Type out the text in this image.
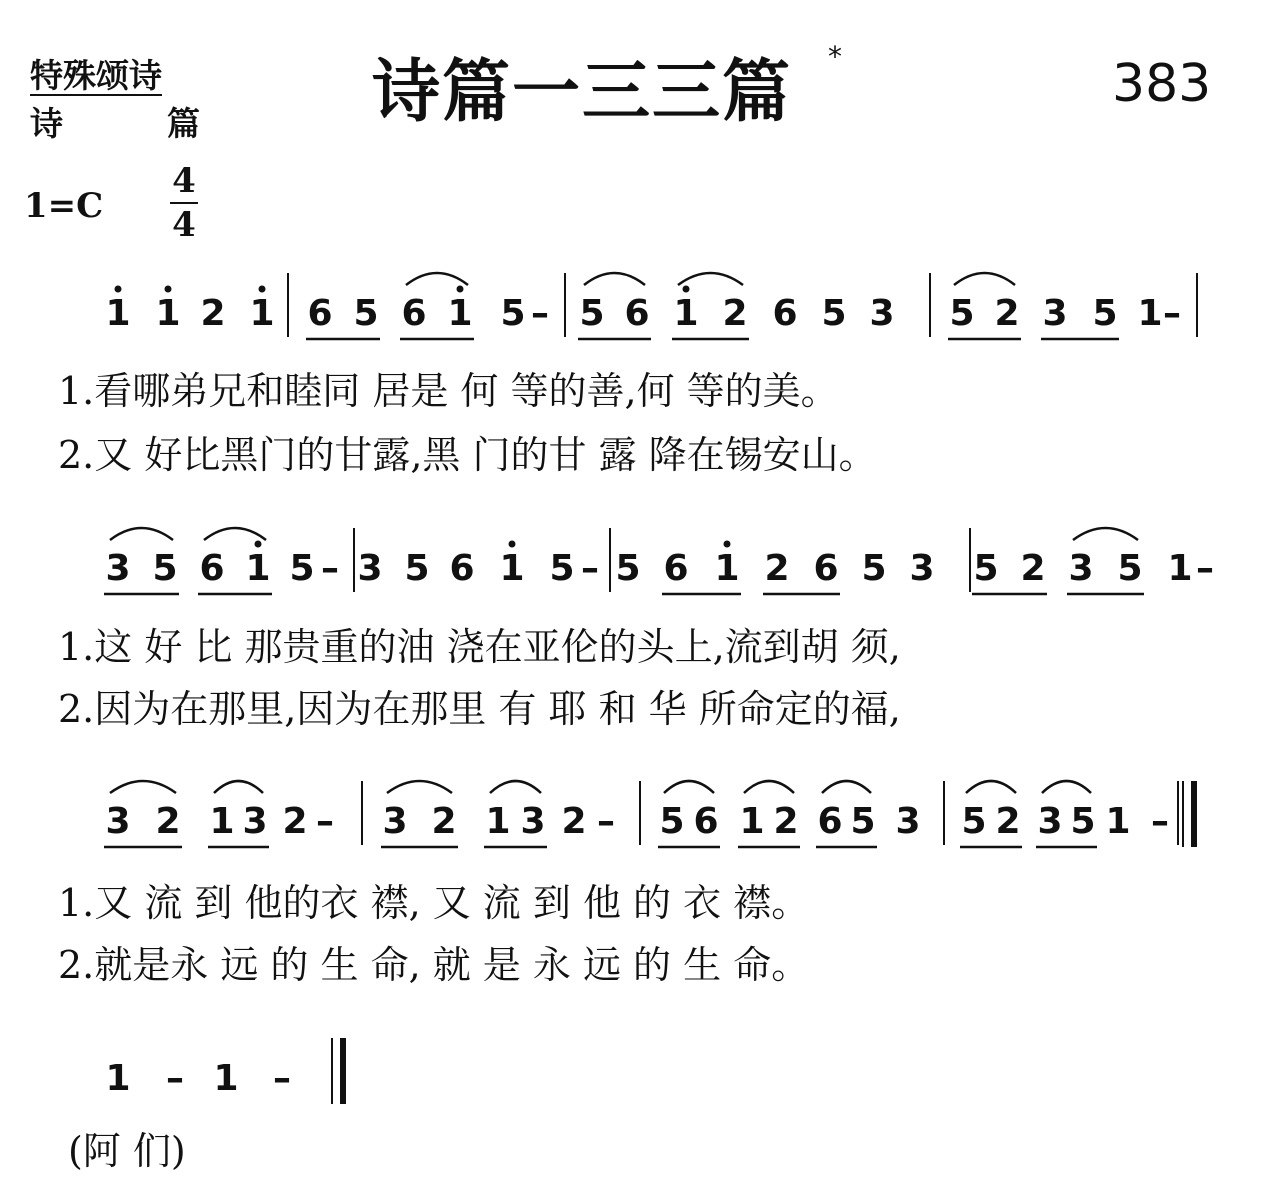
特殊颂诗
诗	篇	诗篇一三三篇 *	383
1=C
4
4
1 1 2 1 6 5 6 1 5 – 5 6 1 2 6 5 3 5 2 3 5 1 –
3 5 6 1 5 – 3 5 6 1 5 – 5 6 1 2 6 5 3 5 2 3 5 1 –
3 2 1 3 2 – 3 2 1 3 2 – 5 6 1 2 6 5 3 5 2 3 5 1 –
1 – 1 –
1.看哪弟兄和睦同 居是 何 等的善,何 等的美。
2.又 好比黑门的甘露,黑 门的甘 露 降在锡安山。
1.这 好 比 那贵重的油 浇在亚伦的头上,流到胡 须,
2.因为在那里,因为在那里 有 耶 和 华 所命定的福,
1.又 流 到 他的衣 襟, 又 流 到 他 的 衣 襟。
2.就是永 远 的 生 命, 就 是 永 远 的 生 命。
(阿 们)
